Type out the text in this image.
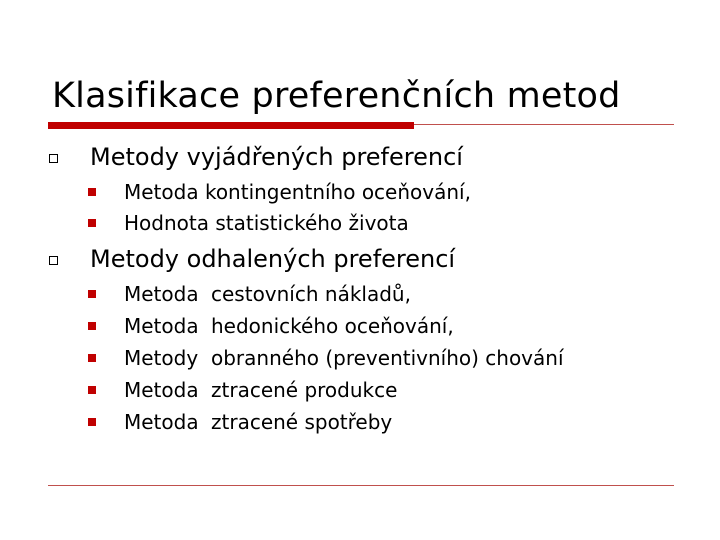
Klasifikace preferenčních metod
Metody vyjádřených preferencí
Metoda kontingentního oceňování,
Hodnota statistického života
Metody odhalených preferencí
Metoda cestovních nákladů,
Metoda hedonického oceňování,
Metody obranného (preventivního) chování
Metoda ztracené produkce
Metoda ztracené spotřeby
